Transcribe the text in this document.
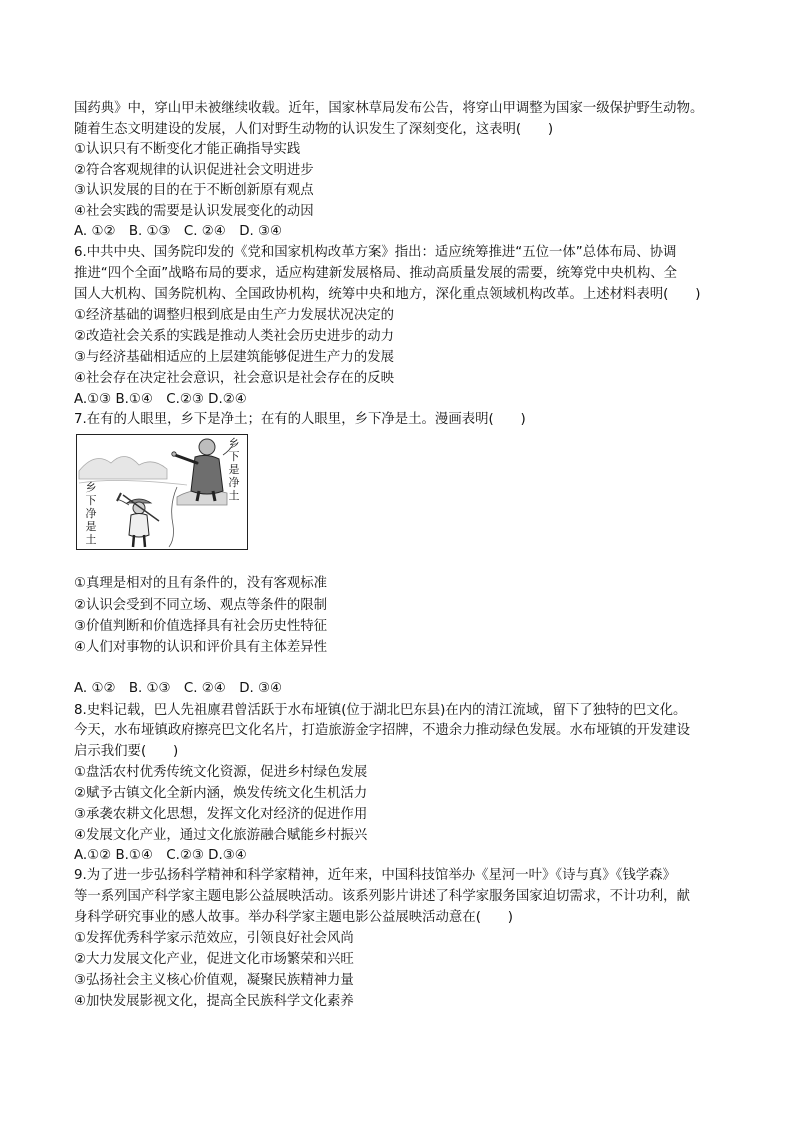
国药典》中，穿山甲未被继续收载。近年，国家林草局发布公告，将穿山甲调整为国家一级保护野生动物。
随着生态文明建设的发展，人们对野生动物的认识发生了深刻变化，这表明(　　)
①认识只有不断变化才能正确指导实践
②符合客观规律的认识促进社会文明进步
③认识发展的目的在于不断创新原有观点
④社会实践的需要是认识发展变化的动因
A. ①②　B. ①③　C. ②④　D. ③④
6.中共中央、国务院印发的《党和国家机构改革方案》指出：适应统筹推进“五位一体”总体布局、协调
推进“四个全面”战略布局的要求，适应构建新发展格局、推动高质量发展的需要，统筹党中央机构、全
国人大机构、国务院机构、全国政协机构，统筹中央和地方，深化重点领域机构改革。上述材料表明(　　)
①经济基础的调整归根到底是由生产力发展状况决定的
②改造社会关系的实践是推动人类社会历史进步的动力
③与经济基础相适应的上层建筑能够促进生产力的发展
④社会存在决定社会意识，社会意识是社会存在的反映
A.①③ B.①④　C.②③ D.②④
7.在有的人眼里，乡下是净土；在有的人眼里，乡下净是土。漫画表明(　　)
乡
下
是
净
土
乡
下
净
是
土
①真理是相对的且有条件的，没有客观标准
②认识会受到不同立场、观点等条件的限制
③价值判断和价值选择具有社会历史性特征
④人们对事物的认识和评价具有主体差异性
A. ①②　B. ①③　C. ②④　D. ③④
8.史料记载，巴人先祖廪君曾活跃于水布垭镇(位于湖北巴东县)在内的清江流域，留下了独特的巴文化。
今天，水布垭镇政府擦亮巴文化名片，打造旅游金字招牌，不遗余力推动绿色发展。水布垭镇的开发建设
启示我们要(　　)
①盘活农村优秀传统文化资源，促进乡村绿色发展
②赋予古镇文化全新内涵，焕发传统文化生机活力
③承袭农耕文化思想，发挥文化对经济的促进作用
④发展文化产业，通过文化旅游融合赋能乡村振兴
A.①② B.①④　C.②③ D.③④
9.为了进一步弘扬科学精神和科学家精神，近年来，中国科技馆举办《星河一叶》《诗与真》《钱学森》
等一系列国产科学家主题电影公益展映活动。该系列影片讲述了科学家服务国家迫切需求，不计功利，献
身科学研究事业的感人故事。举办科学家主题电影公益展映活动意在(　　)
①发挥优秀科学家示范效应，引领良好社会风尚
②大力发展文化产业，促进文化市场繁荣和兴旺
③弘扬社会主义核心价值观，凝聚民族精神力量
④加快发展影视文化，提高全民族科学文化素养
